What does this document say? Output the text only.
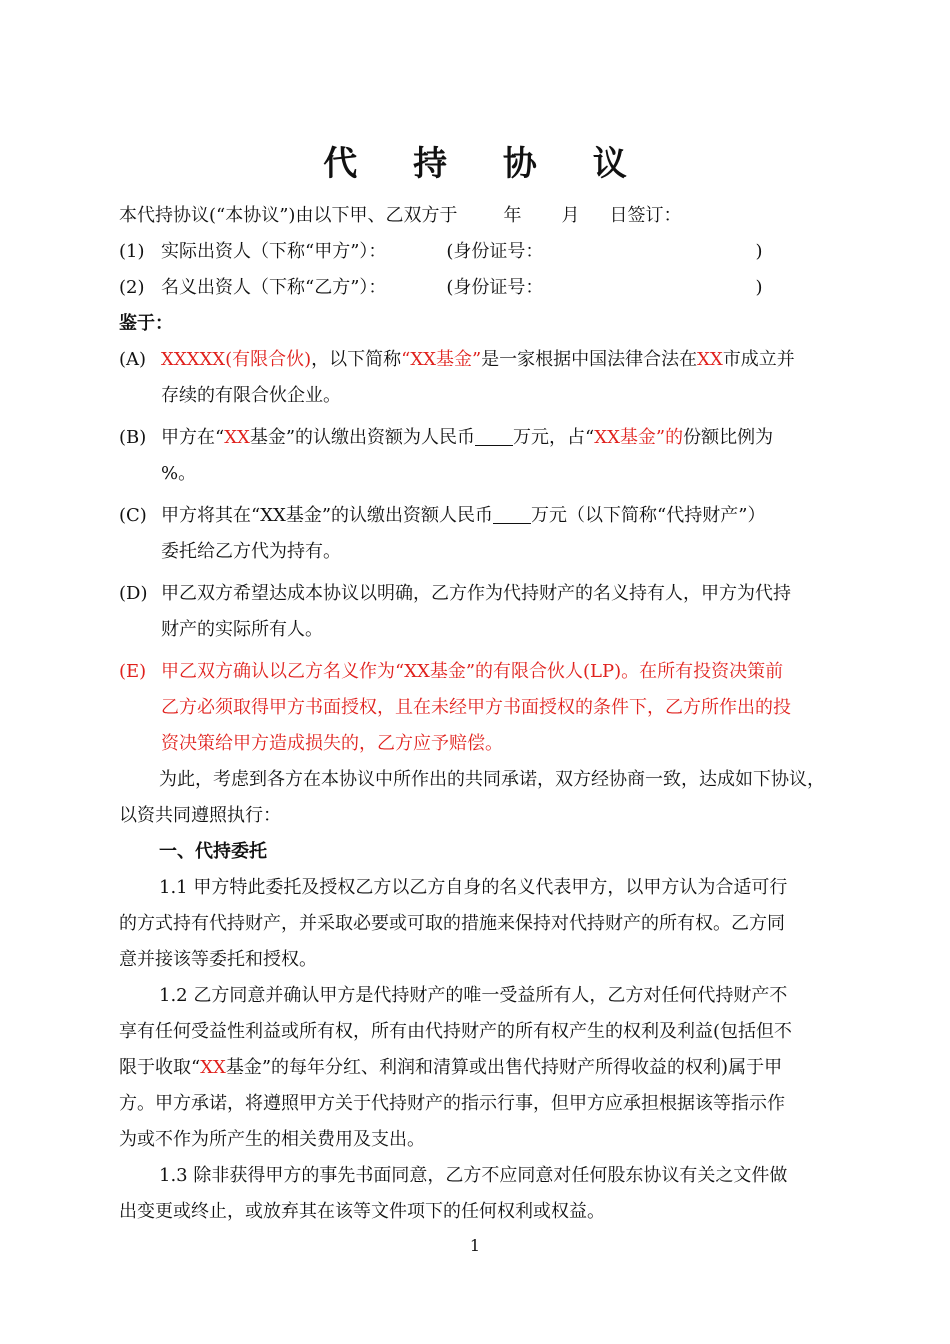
代 持 协 议
本代持协议(“本协议”)由以下甲、乙双方于	年 月 日签订：
(1) 实际出资人（下称“甲方”）：	(身份证号：	)
(2) 名义出资人（下称“乙方”）：	(身份证号：	)
鉴于：
(A) XXXXX(有限合伙)，以下简称“XX基金”是一家根据中国法律合法在XX市成立并
存续的有限合伙企业。
(B) 甲方在“XX基金”的认缴出资额为人民币 万元，占“XX基金”的份额比例为
%。
(C) 甲方将其在“XX基金”的认缴出资额人民币 万元（以下简称“代持财产”）
委托给乙方代为持有。
(D) 甲乙双方希望达成本协议以明确，乙方作为代持财产的名义持有人，甲方为代持
财产的实际所有人。
(E) 甲乙双方确认以乙方名义作为“XX基金”的有限合伙人(LP)。在所有投资决策前
乙方必须取得甲方书面授权，且在未经甲方书面授权的条件下，乙方所作出的投
资决策给甲方造成损失的，乙方应予赔偿。
为此，考虑到各方在本协议中所作出的共同承诺，双方经协商一致，达成如下协议，
以资共同遵照执行：
一、代持委托
1.1 甲方特此委托及授权乙方以乙方自身的名义代表甲方，以甲方认为合适可行
的方式持有代持财产，并采取必要或可取的措施来保持对代持财产的所有权。乙方同
意并接该等委托和授权。
1.2 乙方同意并确认甲方是代持财产的唯一受益所有人，乙方对任何代持财产不
享有任何受益性利益或所有权，所有由代持财产的所有权产生的权利及利益(包括但不
限于收取“XX基金”的每年分红、利润和清算或出售代持财产所得收益的权利)属于甲
方。甲方承诺，将遵照甲方关于代持财产的指示行事，但甲方应承担根据该等指示作
为或不作为所产生的相关费用及支出。
1.3 除非获得甲方的事先书面同意，乙方不应同意对任何股东协议有关之文件做
出变更或终止，或放弃其在该等文件项下的任何权利或权益。
1
